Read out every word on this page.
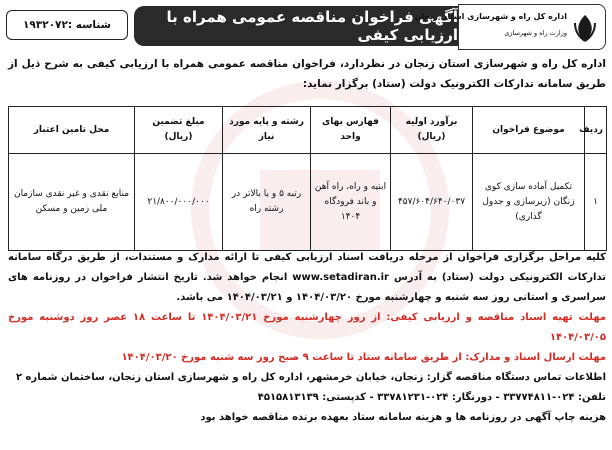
شناسه :۱۹۳۲۰۷۲	آگهی فراخوان مناقصه عمومی همراه با ارزیابی کیفی
اداره کل راه و شهرسازی استان زنجان
وزارت راه و شهرسازی
اداره کل راه و شهرسازی استان زنجان در نظردارد، فراخوان مناقصه عمومی همراه با ارزیابی کیفی به شرح ذیل از طریق سامانه تدارکات الکترونیک دولت (ستاد) برگزار نماید:
ردیف	موضوع فراخوان	برآورد اولیه (ریال)	فهارس بهای واحد	رشته و پایه مورد نیاز	مبلغ تضمین (ریال)	محل تامین اعتبار
۱	تکمیل آماده سازی کوی زنگان (زیرسازی و جدول گذاری)	۴۵۷/۶۰۴/۶۴۰/۰۳۷	ابنیه و راه، راه آهن و باند فرودگاه ۱۴۰۴	رتبه ۵ و یا بالاتر در رشته راه	۲۱/۸۰۰/۰۰۰/۰۰۰	منابع نقدی و غیر نقدی سازمان ملی زمین و مسکن

کلیه مراحل برگزاری فراخوان از مرحله دریافت اسناد ارزیابی کیفی تا ارائه مدارک و مستندات، از طریق درگاه سامانه تدارکات الکترونیکی دولت (ستاد) به آدرس www.setadiran.ir انجام خواهد شد. تاریخ انتشار فراخوان در روزنامه های سراسری و استانی روز سه شنبه و چهارشنبه مورخ ۱۴۰۴/۰۳/۲۰ و ۱۴۰۴/۰۳/۲۱ می باشد.

مهلت تهیه اسناد مناقصه و ارزیابی کیفی: از روز چهارشنبه مورخ ۱۴۰۴/۰۳/۲۱ تا ساعت ۱۸ عصر روز دوشنبه مورخ ۱۴۰۴/۰۳/۰۵

مهلت ارسال اسناد و مدارک: از طریق سامانه ستاد تا ساعت ۹ صبح روز سه شنبه مورخ ۱۴۰۴/۰۳/۲۰

اطلاعات تماس دستگاه مناقصه گزار: زنجان، خیابان خرمشهر، اداره کل راه و شهرسازی استان زنجان، ساختمان شماره ۲

تلفن: ۰۲۴-۳۳۷۷۴۸۱۱ - دورنگار: ۰۲۴-۳۳۷۸۱۲۳۱ - کدپستی: ۴۵۱۵۸۱۳۱۳۹

هزینه چاپ آگهی در روزنامه ها و هزینه سامانه ستاد بعهده برنده مناقصه خواهد بود
